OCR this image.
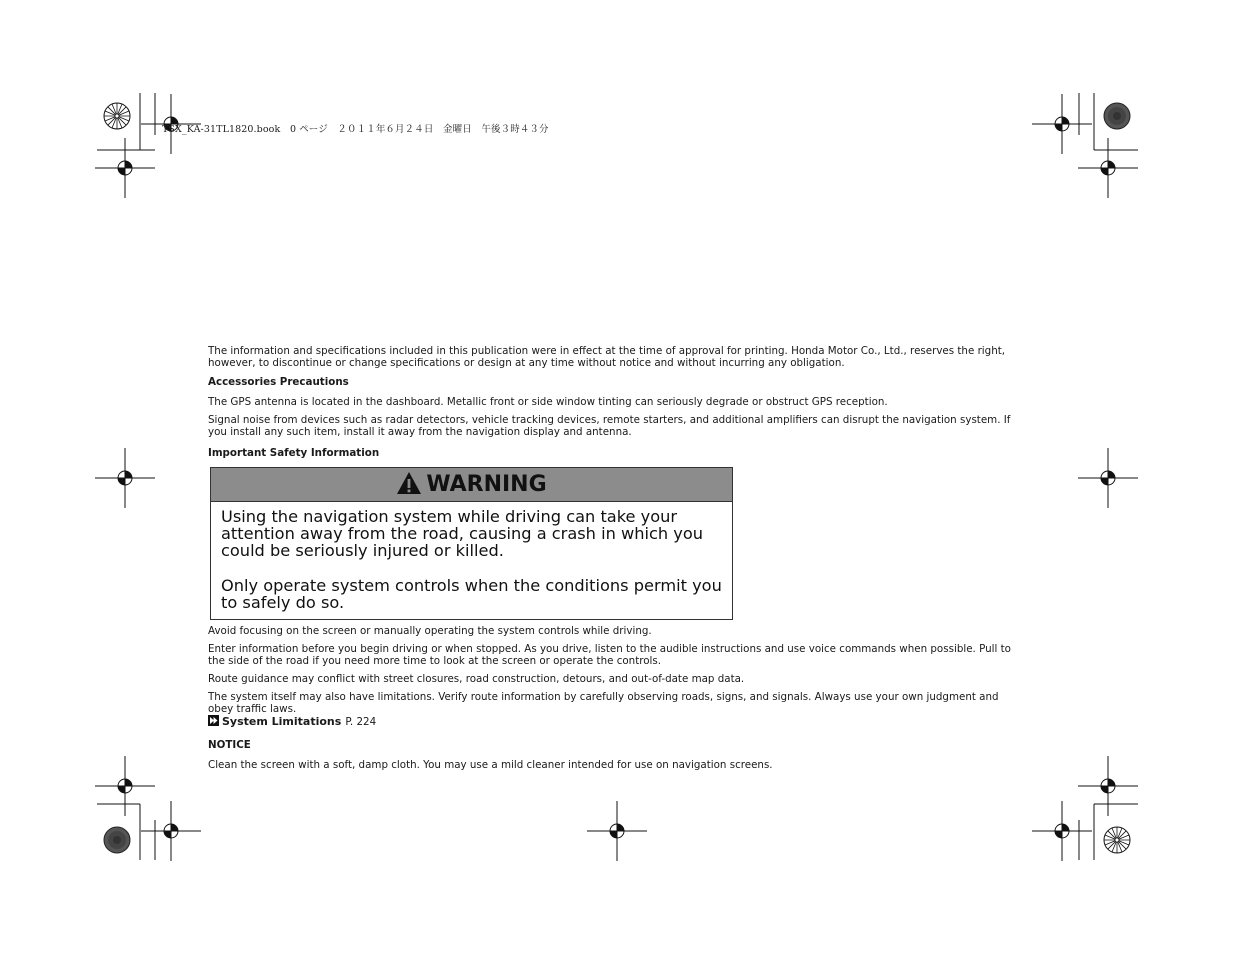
TSX_KA-31TL1820.book　0 ページ　２０１１年６月２４日　金曜日　午後３時４３分

The information and specifications included in this publication were in effect at the time of approval for printing. Honda Motor Co., Ltd., reserves the right, however, to discontinue or change specifications or design at any time without notice and without incurring any obligation.

Accessories Precautions

The GPS antenna is located in the dashboard. Metallic front or side window tinting can seriously degrade or obstruct GPS reception.

Signal noise from devices such as radar detectors, vehicle tracking devices, remote starters, and additional amplifiers can disrupt the navigation system. If you install any such item, install it away from the navigation display and antenna.

Important Safety Information

WARNING

Using the navigation system while driving can take your attention away from the road, causing a crash in which you could be seriously injured or killed.

Only operate system controls when the conditions permit you to safely do so.

Avoid focusing on the screen or manually operating the system controls while driving.

Enter information before you begin driving or when stopped. As you drive, listen to the audible instructions and use voice commands when possible. Pull to the side of the road if you need more time to look at the screen or operate the controls.

Route guidance may conflict with street closures, road construction, detours, and out-of-date map data.

The system itself may also have limitations. Verify route information by carefully observing roads, signs, and signals. Always use your own judgment and obey traffic laws.

System Limitations P. 224

NOTICE

Clean the screen with a soft, damp cloth. You may use a mild cleaner intended for use on navigation screens.
